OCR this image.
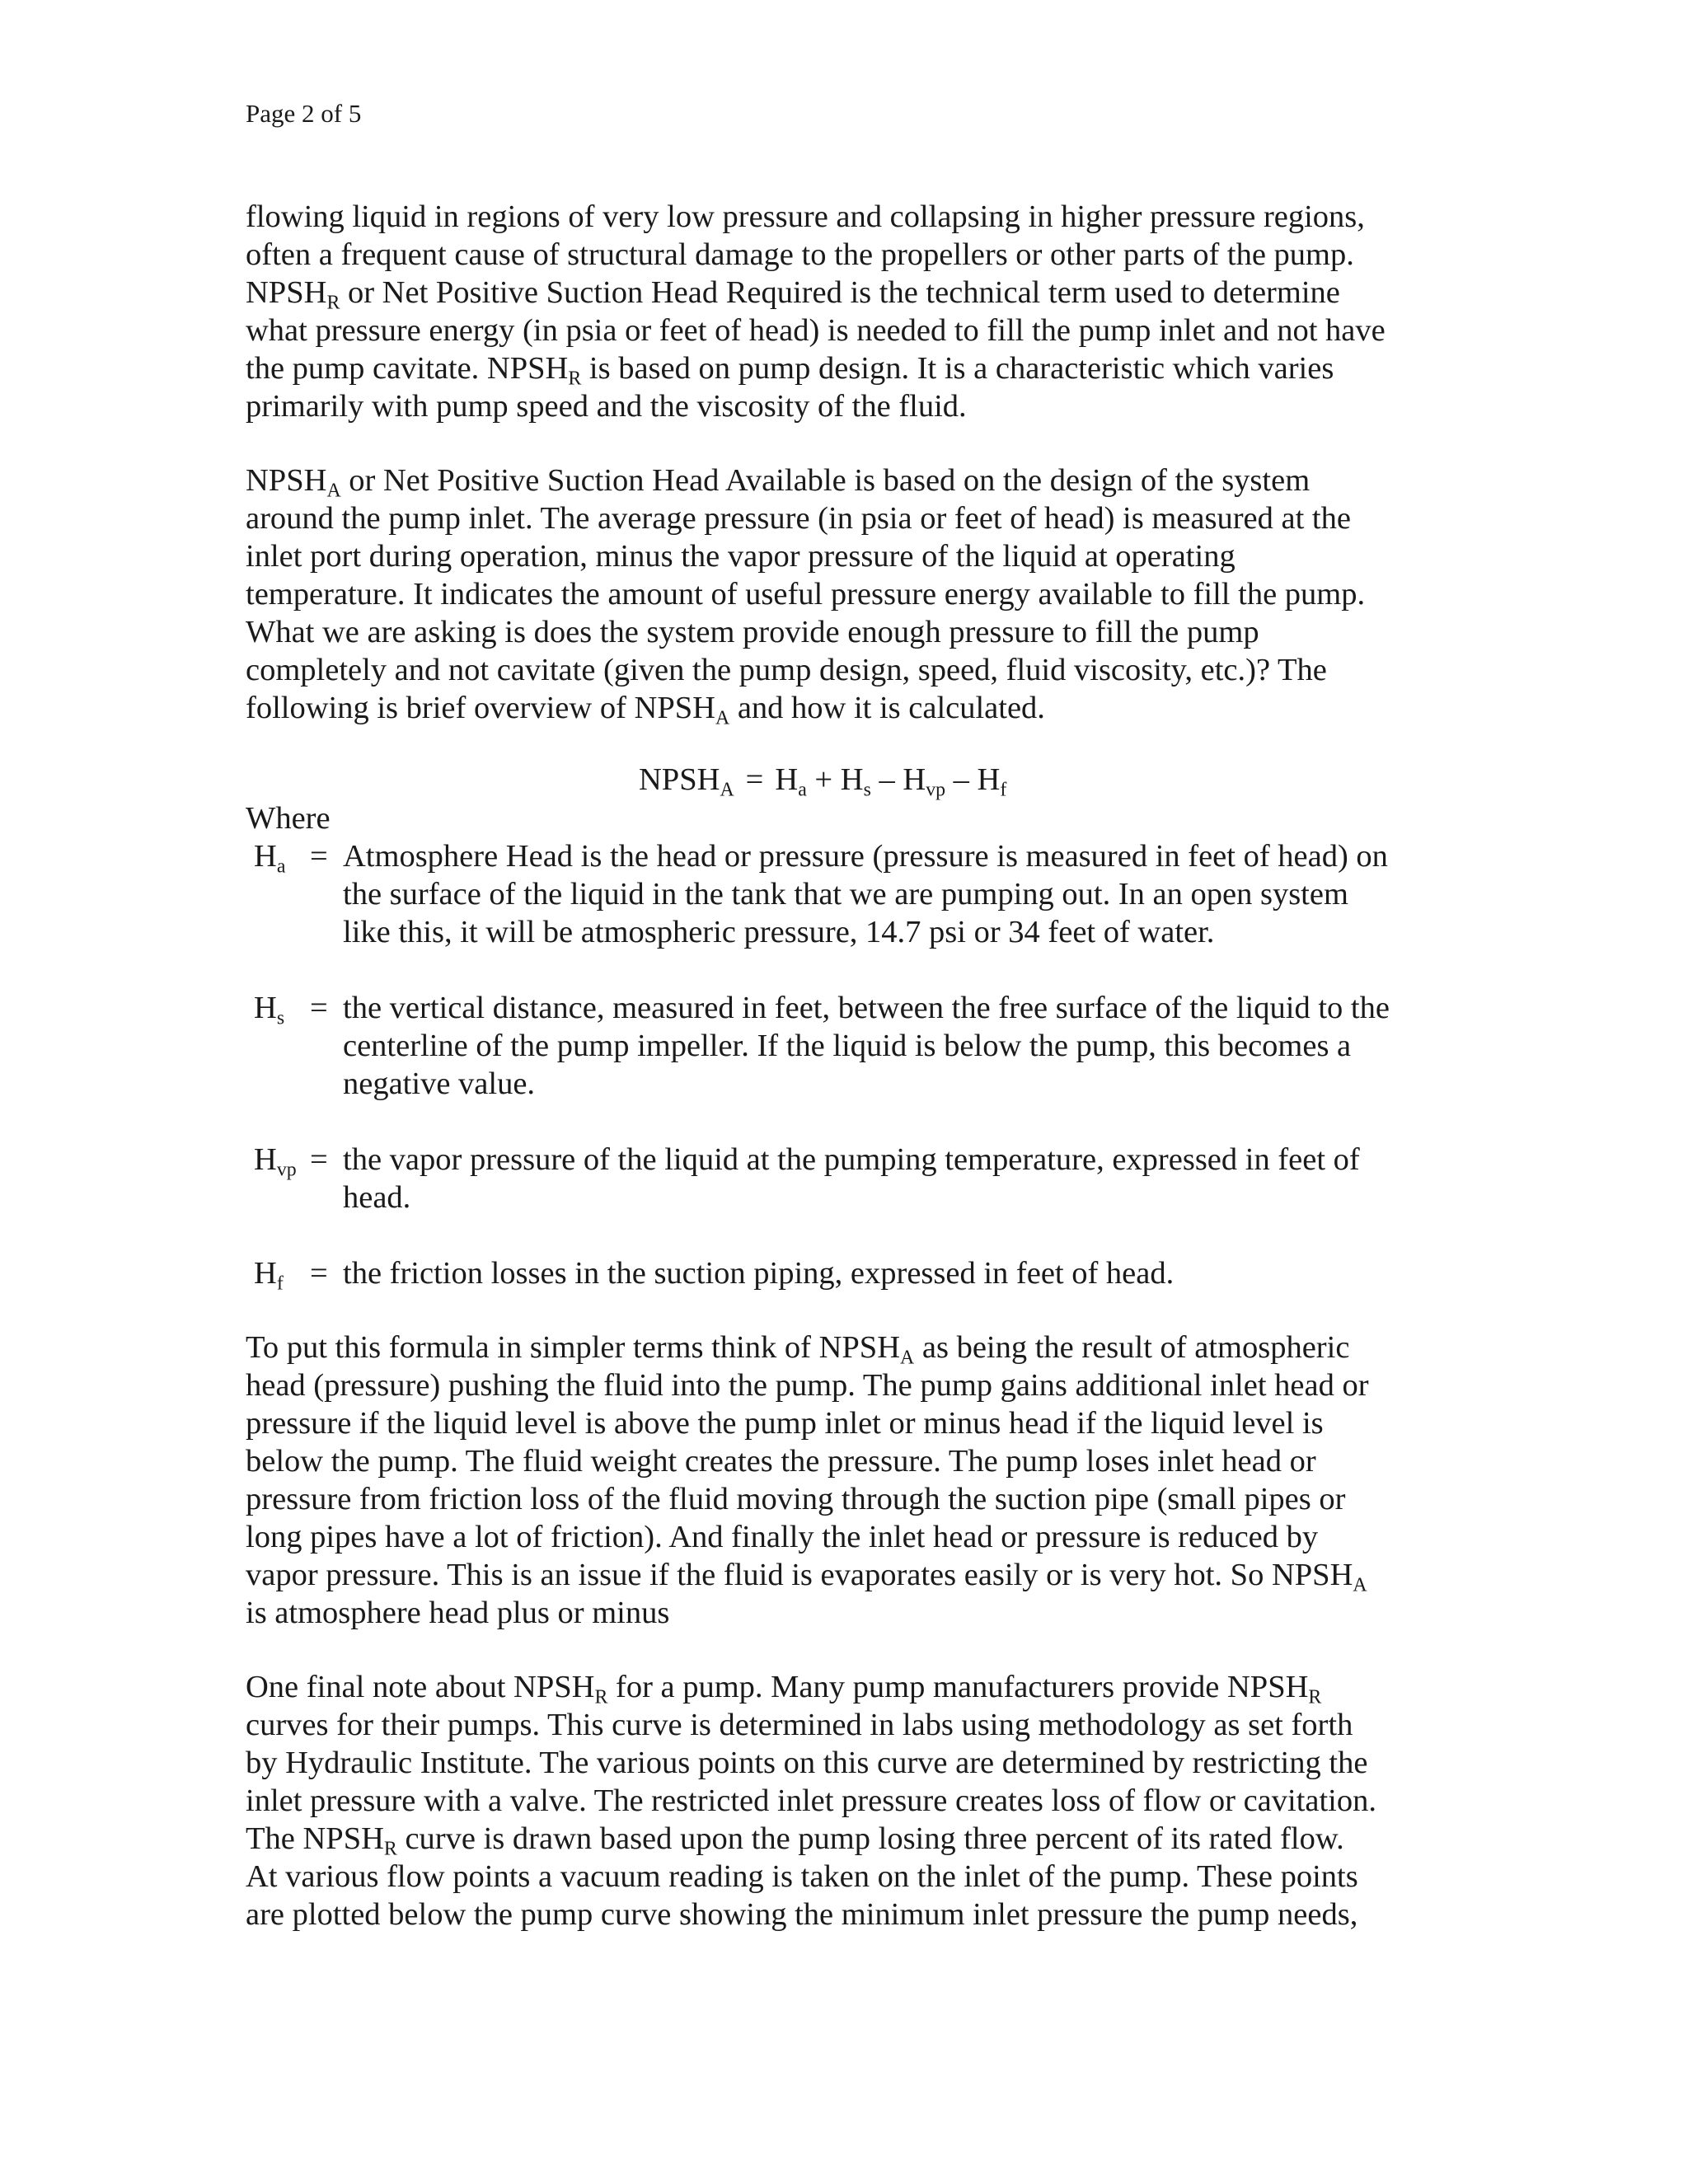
Page 2 of 5
flowing liquid in regions of very low pressure and collapsing in higher pressure regions,
often a frequent cause of structural damage to the propellers or other parts of the pump.
$NPSH_R$ or Net Positive Suction Head Required is the technical term used to determine
what pressure energy (in psia or feet of head) is needed to fill the pump inlet and not have
the pump cavitate. $NPSH_R$ is based on pump design. It is a characteristic which varies
primarily with pump speed and the viscosity of the fluid.
$NPSH_A$ or Net Positive Suction Head Available is based on the design of the system
around the pump inlet. The average pressure (in psia or feet of head) is measured at the
inlet port during operation, minus the vapor pressure of the liquid at operating
temperature. It indicates the amount of useful pressure energy available to fill the pump.
What we are asking is does the system provide enough pressure to fill the pump
completely and not cavitate (given the pump design, speed, fluid viscosity, etc.)? The
following is brief overview of $NPSH_A$ and how it is calculated.
$NPSH_A = H_a + H_s - H_{vp} - H_f$
Where
$H_a$ = Atmosphere Head is the head or pressure (pressure is measured in feet of head) on
the surface of the liquid in the tank that we are pumping out. In an open system
like this, it will be atmospheric pressure, 14.7 psi or 34 feet of water.
$H_s$ = the vertical distance, measured in feet, between the free surface of the liquid to the
centerline of the pump impeller. If the liquid is below the pump, this becomes a
negative value.
$H_{vp}$ = the vapor pressure of the liquid at the pumping temperature, expressed in feet of
head.
$H_f$ = the friction losses in the suction piping, expressed in feet of head.
To put this formula in simpler terms think of $NPSH_A$ as being the result of atmospheric
head (pressure) pushing the fluid into the pump. The pump gains additional inlet head or
pressure if the liquid level is above the pump inlet or minus head if the liquid level is
below the pump. The fluid weight creates the pressure. The pump loses inlet head or
pressure from friction loss of the fluid moving through the suction pipe (small pipes or
long pipes have a lot of friction). And finally the inlet head or pressure is reduced by
vapor pressure. This is an issue if the fluid is evaporates easily or is very hot. So $NPSH_A$
is atmosphere head plus or minus
One final note about $NPSH_R$ for a pump. Many pump manufacturers provide $NPSH_R$
curves for their pumps. This curve is determined in labs using methodology as set forth
by Hydraulic Institute. The various points on this curve are determined by restricting the
inlet pressure with a valve. The restricted inlet pressure creates loss of flow or cavitation.
The $NPSH_R$ curve is drawn based upon the pump losing three percent of its rated flow.
At various flow points a vacuum reading is taken on the inlet of the pump. These points
are plotted below the pump curve showing the minimum inlet pressure the pump needs,
